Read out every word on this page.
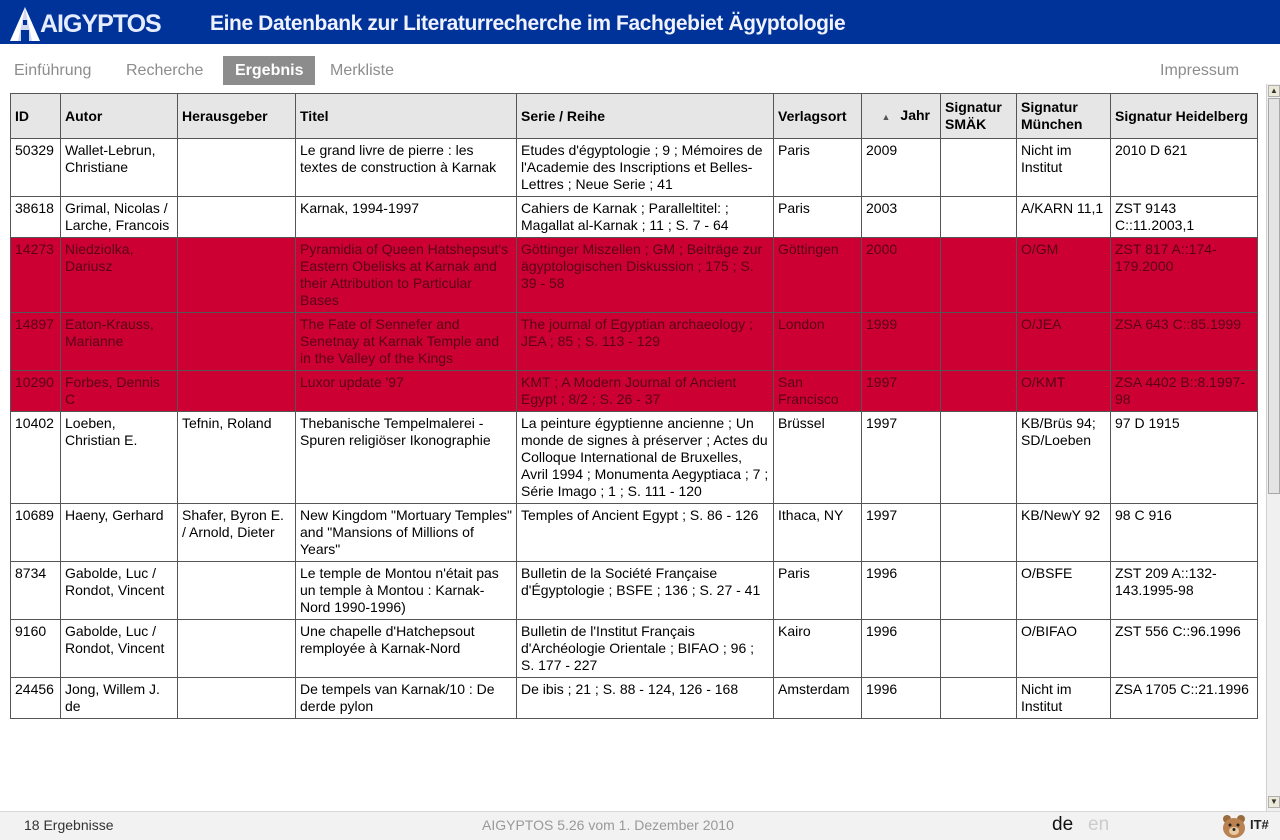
AIGYPTOS Eine Datenbank zur Literaturrecherche im Fachgebiet Ägyptologie
Einführung Recherche	Ergebnis	Merkliste	Impressum
ID	Autor	Herausgeber	Titel	Serie / Reihe	Verlagsort	▲ Jahr	Signatur SMÄK	Signatur München	Signatur Heidelberg
50329	Wallet-Lebrun, Christiane		Le grand livre de pierre : les textes de construction à Karnak	Etudes d'égyptologie ; 9 ; Mémoires de l'Academie des Inscriptions et Belles-Lettres ; Neue Serie ; 41	Paris	2009		Nicht im Institut	2010 D 621
38618	Grimal, Nicolas / Larche, Francois		Karnak, 1994-1997	Cahiers de Karnak ; Paralleltitel: ; Magallat al-Karnak ; 11 ; S. 7 - 64	Paris	2003		A/KARN 11,1	ZST 9143 C::11.2003,1
14273	Niedziolka, Dariusz		Pyramidia of Queen Hatshepsut's Eastern Obelisks at Karnak and their Attribution to Particular Bases	Göttinger Miszellen ; GM ; Beiträge zur ägyptologischen Diskussion ; 175 ; S. 39 - 58	Göttingen	2000		O/GM	ZST 817 A::174-179.2000
14897	Eaton-Krauss, Marianne		The Fate of Sennefer and Senetnay at Karnak Temple and in the Valley of the Kings	The journal of Egyptian archaeology ; JEA ; 85 ; S. 113 - 129	London	1999		O/JEA	ZSA 643 C::85.1999
10290	Forbes, Dennis C		Luxor update '97	KMT ; A Modern Journal of Ancient Egypt ; 8/2 ; S. 26 - 37	San Francisco	1997		O/KMT	ZSA 4402 B::8.1997-98
10402	Loeben, Christian E.	Tefnin, Roland	Thebanische Tempelmalerei - Spuren religiöser Ikonographie	La peinture égyptienne ancienne ; Un monde de signes à préserver ; Actes du Colloque International de Bruxelles, Avril 1994 ; Monumenta Aegyptiaca ; 7 ; Série Imago ; 1 ; S. 111 - 120	Brüssel	1997		KB/Brüs 94; SD/Loeben	97 D 1915
10689	Haeny, Gerhard	Shafer, Byron E. / Arnold, Dieter	New Kingdom "Mortuary Temples" and "Mansions of Millions of Years"	Temples of Ancient Egypt ; S. 86 - 126	Ithaca, NY	1997		KB/NewY 92	98 C 916
8734	Gabolde, Luc / Rondot, Vincent		Le temple de Montou n'était pas un temple à Montou : Karnak-Nord 1990-1996)	Bulletin de la Société Française d'Égyptologie ; BSFE ; 136 ; S. 27 - 41	Paris	1996		O/BSFE	ZST 209 A::132-143.1995-98
9160	Gabolde, Luc / Rondot, Vincent		Une chapelle d'Hatchepsout remployée à Karnak-Nord	Bulletin de l'Institut Français d'Archéologie Orientale ; BIFAO ; 96 ; S. 177 - 227	Kairo	1996		O/BIFAO	ZST 556 C::96.1996
24456	Jong, Willem J. de		De tempels van Karnak/10 : De derde pylon	De ibis ; 21 ; S. 88 - 124, 126 - 168	Amsterdam	1996		Nicht im Institut	ZSA 1705 C::21.1996
▲
▼
18 Ergebnisse	AIGYPTOS 5.26 vom 1. Dezember 2010	de en	IT#
